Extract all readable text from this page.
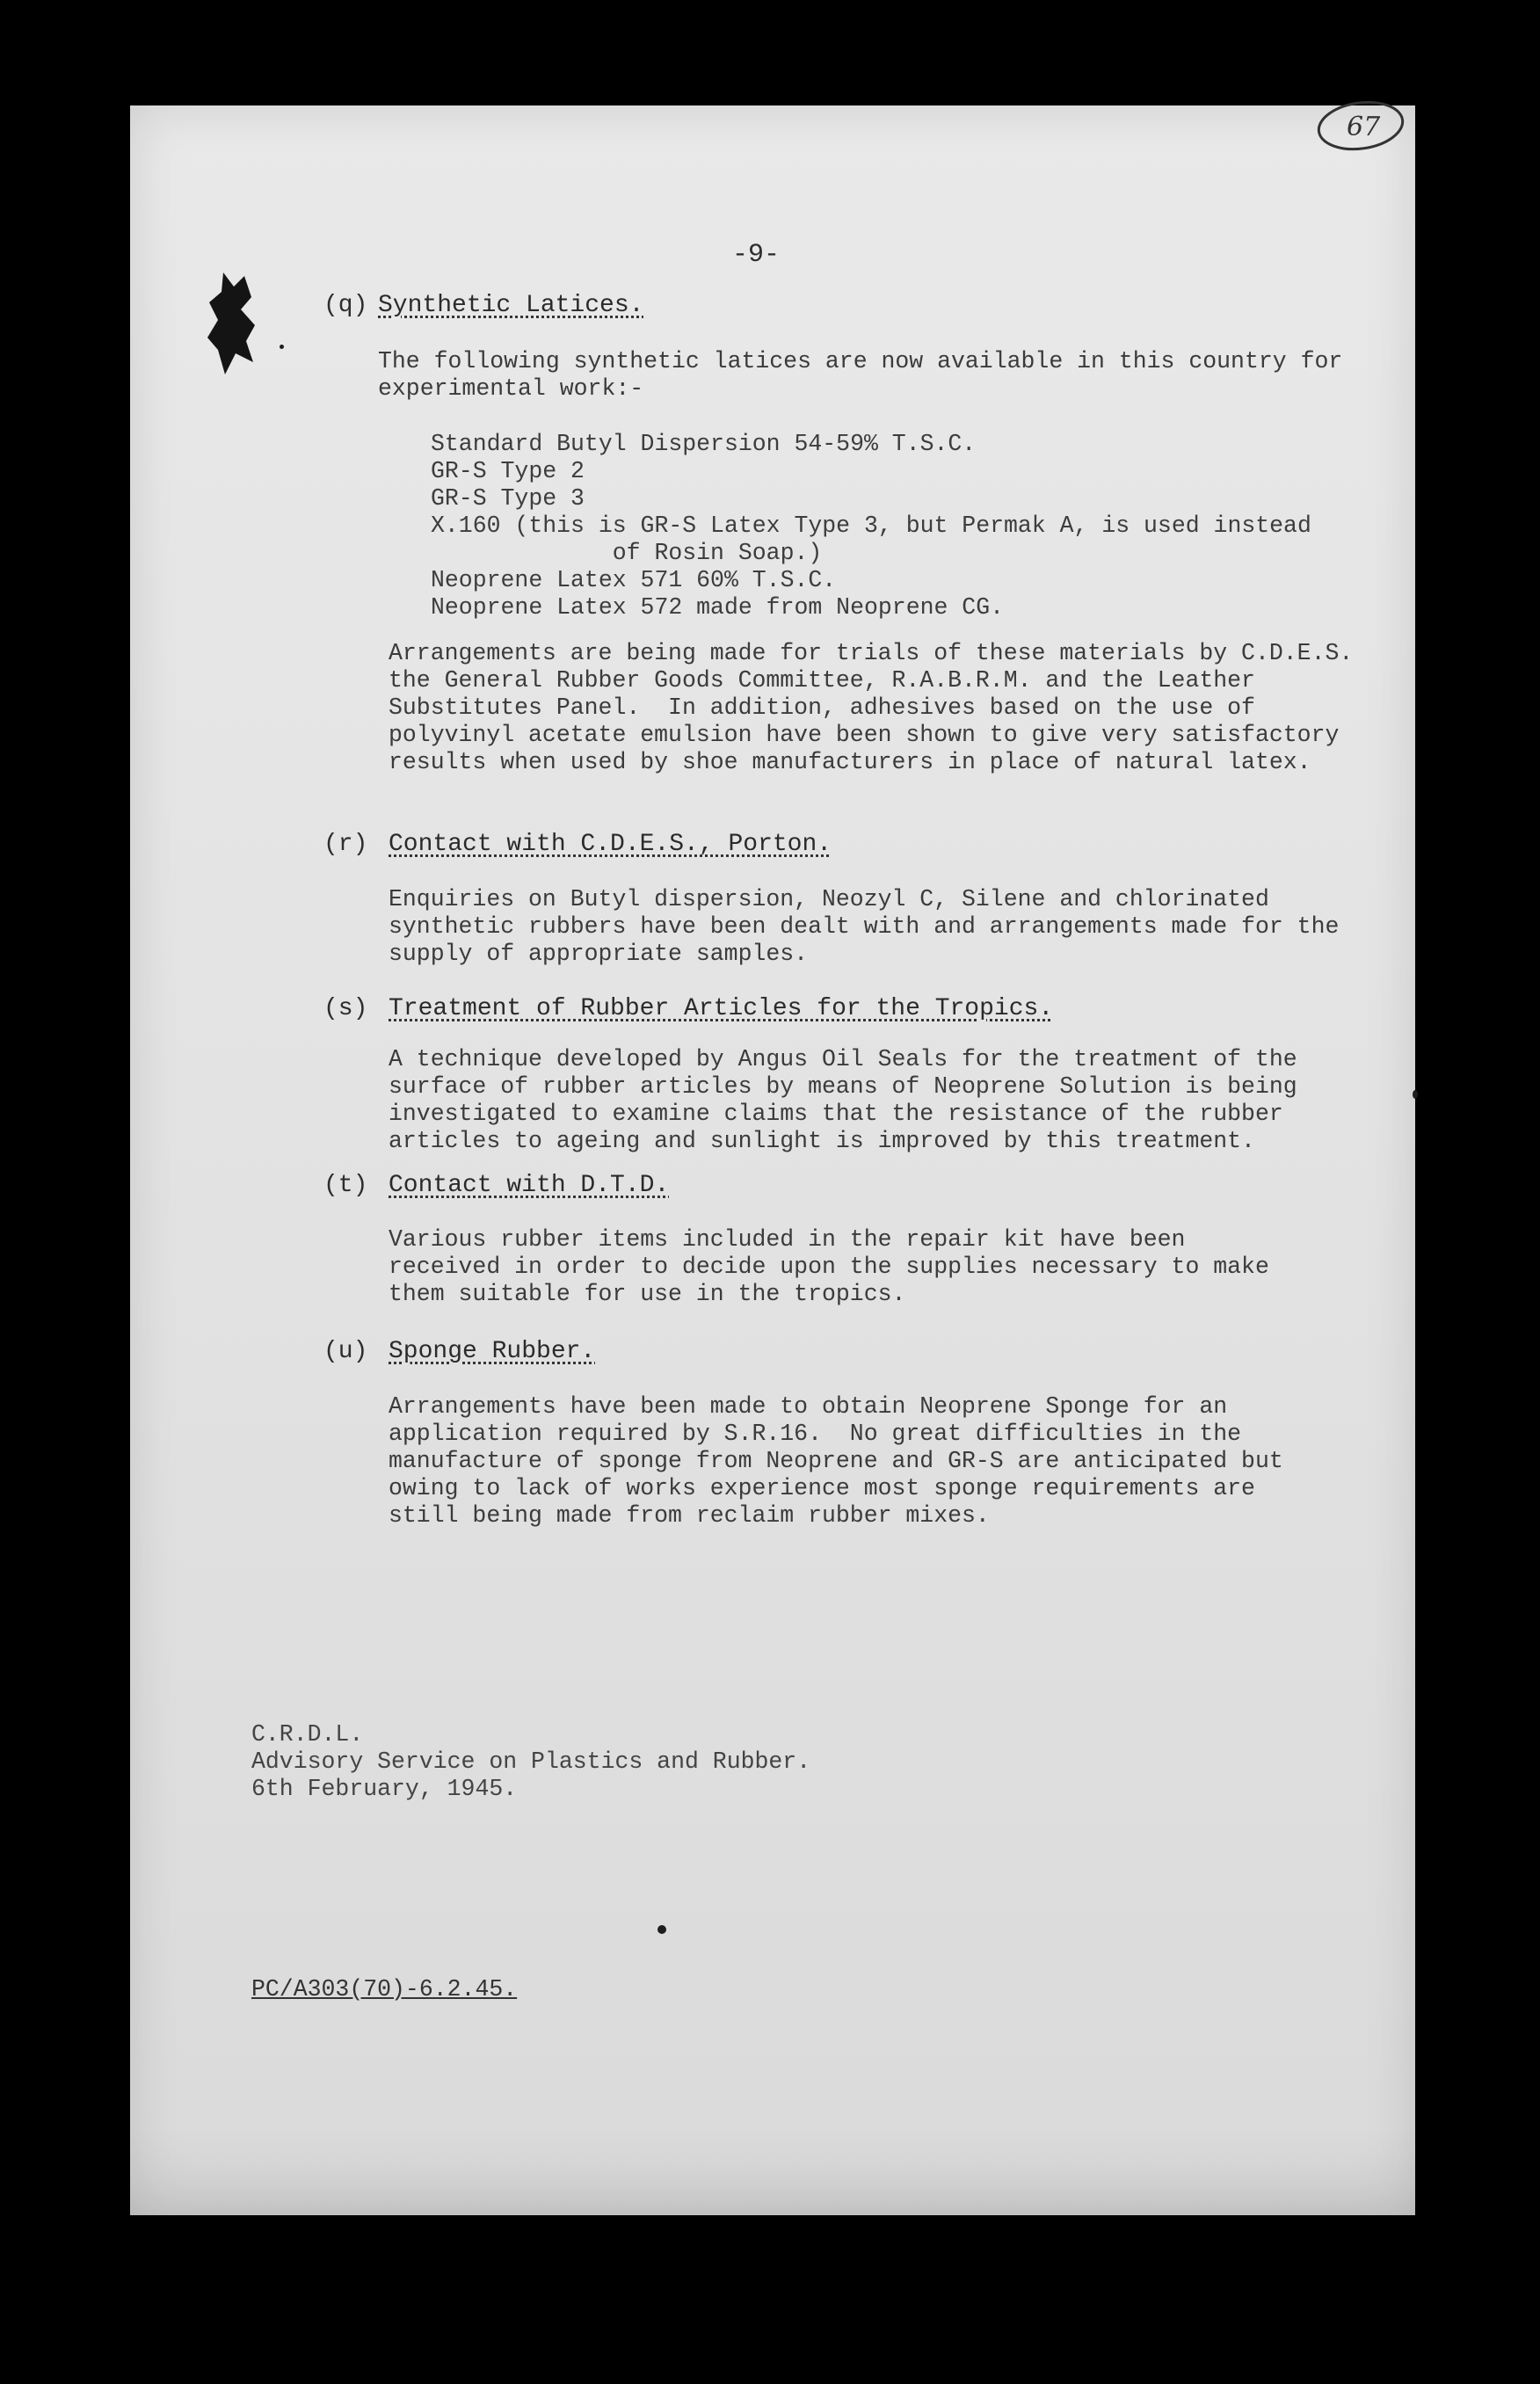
67
-9-
(q) Synthetic Latices.
The following synthetic latices are now available in this country for
experimental work:-
Standard Butyl Dispersion 54-59% T.S.C.
GR-S Type 2
GR-S Type 3
X.160 (this is GR-S Latex Type 3, but Permak A, is used instead
of Rosin Soap.)
Neoprene Latex 571 60% T.S.C.
Neoprene Latex 572 made from Neoprene CG.
Arrangements are being made for trials of these materials by C.D.E.S.
the General Rubber Goods Committee, R.A.B.R.M. and the Leather
Substitutes Panel.  In addition, adhesives based on the use of
polyvinyl acetate emulsion have been shown to give very satisfactory
results when used by shoe manufacturers in place of natural latex.
(r) Contact with C.D.E.S., Porton.
Enquiries on Butyl dispersion, Neozyl C, Silene and chlorinated
synthetic rubbers have been dealt with and arrangements made for the
supply of appropriate samples.
(s) Treatment of Rubber Articles for the Tropics.
A technique developed by Angus Oil Seals for the treatment of the
surface of rubber articles by means of Neoprene Solution is being
investigated to examine claims that the resistance of the rubber
articles to ageing and sunlight is improved by this treatment.
(t) Contact with D.T.D.
Various rubber items included in the repair kit have been
received in order to decide upon the supplies necessary to make
them suitable for use in the tropics.
(u) Sponge Rubber.
Arrangements have been made to obtain Neoprene Sponge for an
application required by S.R.16.  No great difficulties in the
manufacture of sponge from Neoprene and GR-S are anticipated but
owing to lack of works experience most sponge requirements are
still being made from reclaim rubber mixes.
C.R.D.L.
Advisory Service on Plastics and Rubber.
6th February, 1945.
PC/A303(70)-6.2.45.
